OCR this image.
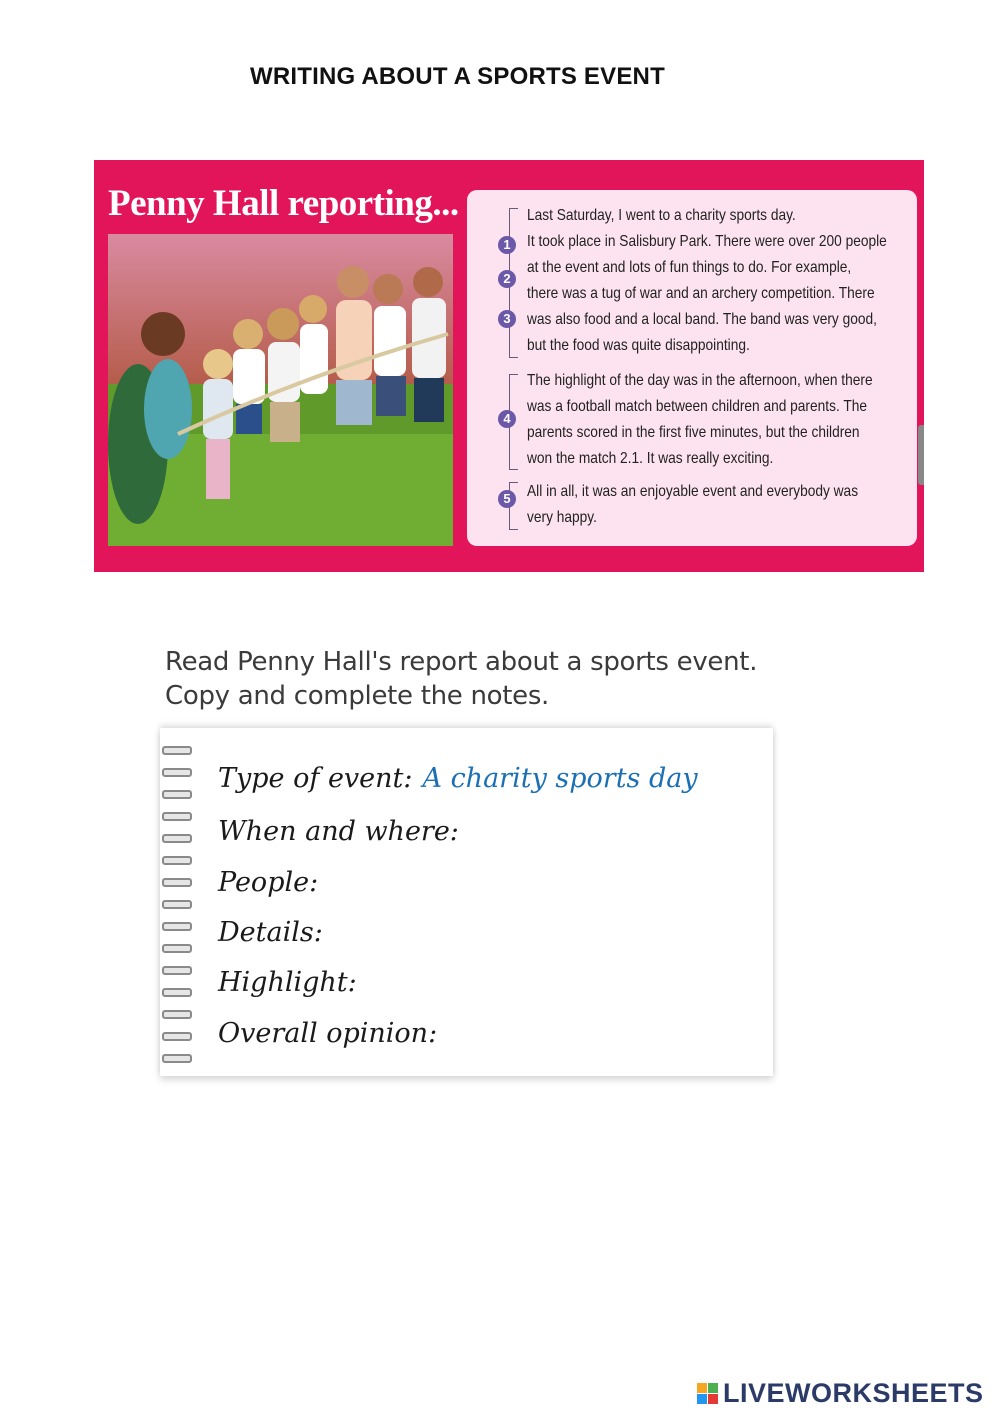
WRITING ABOUT A SPORTS EVENT
Penny Hall reporting...
1
2
3
Last Saturday, I went to a charity sports day.
It took place in Salisbury Park. There were over 200 people
at the event and lots of fun things to do. For example,
there was a tug of war and an archery competition. There
was also food and a local band. The band was very good,
but the food was quite disappointing.
4
The highlight of the day was in the afternoon, when there
was a football match between children and parents. The
parents scored in the first five minutes, but the children
won the match 2.1. It was really exciting.
5	All in all, it was an enjoyable event and everybody was
very happy.
Read Penny Hall's report about a sports event.
Copy and complete the notes.
Type of event: A charity sports day
When and where:
People:
Details:
Highlight:
Overall opinion:
LIVEWORKSHEETS
